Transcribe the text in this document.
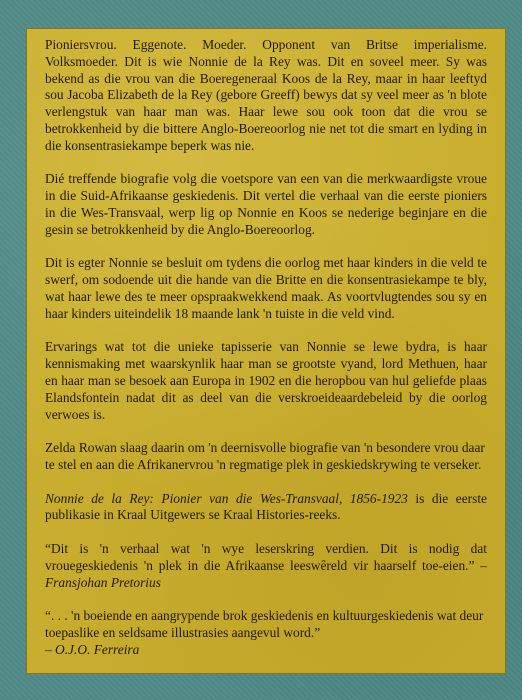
Pioniersvrou. Eggenote. Moeder. Opponent van Britse imperialisme. Volksmoeder. Dit is wie Nonnie de la Rey was. Dit en soveel meer. Sy was bekend as die vrou van die Boeregeneraal Koos de la Rey, maar in haar leeftyd sou Jacoba Elizabeth de la Rey (gebore Greeff) bewys dat sy veel meer as 'n blote verlengstuk van haar man was. Haar lewe sou ook toon dat die vrou se betrokkenheid by die bittere Anglo-Boereoorlog nie net tot die smart en lyding in die konsentrasiekampe beperk was nie.

Dié treffende biografie volg die voetspore van een van die merkwaardigste vroue in die Suid-Afrikaanse geskiedenis. Dit vertel die verhaal van die eerste pioniers in die Wes-Transvaal, werp lig op Nonnie en Koos se nederige beginjare en die gesin se betrokkenheid by die Anglo-Boereoorlog.

Dit is egter Nonnie se besluit om tydens die oorlog met haar kinders in die veld te swerf, om sodoende uit die hande van die Britte en die konsentrasiekampe te bly, wat haar lewe des te meer opspraakwekkend maak. As voortvlugtendes sou sy en haar kinders uiteindelik 18 maande lank 'n tuiste in die veld vind.

Ervarings wat tot die unieke tapisserie van Nonnie se lewe bydra, is haar kennismaking met waarskynlik haar man se grootste vyand, lord Methuen, haar en haar man se besoek aan Europa in 1902 en die heropbou van hul geliefde plaas Elandsfontein nadat dit as deel van die verskroeideaardebeleid by die oorlog verwoes is.

Zelda Rowan slaag daarin om 'n deernisvolle biografie van 'n besondere vrou daar te stel en aan die Afrikanervrou 'n regmatige plek in geskiedskrywing te verseker.

Nonnie de la Rey: Pionier van die Wes-Transvaal, 1856-1923 is die eerste publikasie in Kraal Uitgewers se Kraal Histories-reeks.

“Dit is 'n verhaal wat 'n wye leserskring verdien. Dit is nodig dat vrouegeskiedenis 'n plek in die Afrikaanse leeswêreld vir haarself toe-eien.” – Fransjohan Pretorius

“. . . 'n boeiende en aangrypende brok geskiedenis en kultuurgeskiedenis wat deur toepaslike en seldsame illustrasies aangevul word.”
– O.J.O. Ferreira
